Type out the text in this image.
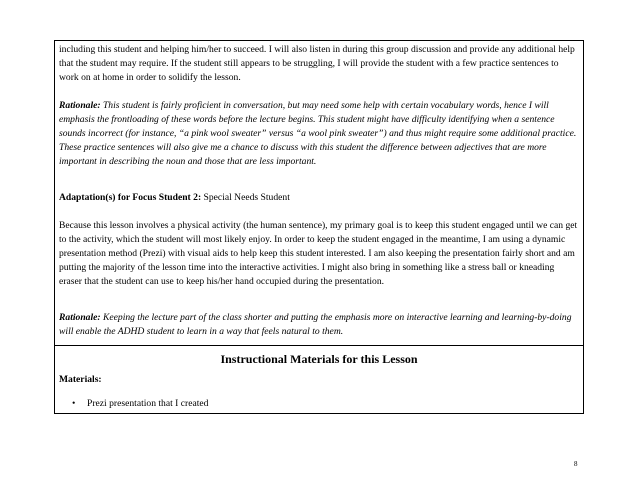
including this student and helping him/her to succeed. I will also listen in during this group discussion and provide any additional help that the student may require. If the student still appears to be struggling, I will provide the student with a few practice sentences to work on at home in order to solidify the lesson.

Rationale: This student is fairly proficient in conversation, but may need some help with certain vocabulary words, hence I will emphasis the frontloading of these words before the lecture begins. This student might have difficulty identifying when a sentence sounds incorrect (for instance, “a pink wool sweater” versus “a wool pink sweater”) and thus might require some additional practice. These practice sentences will also give me a chance to discuss with this student the difference between adjectives that are more important in describing the noun and those that are less important.

Adaptation(s) for Focus Student 2: Special Needs Student

Because this lesson involves a physical activity (the human sentence), my primary goal is to keep this student engaged until we can get to the activity, which the student will most likely enjoy. In order to keep the student engaged in the meantime, I am using a dynamic presentation method (Prezi) with visual aids to help keep this student interested. I am also keeping the presentation fairly short and am putting the majority of the lesson time into the interactive activities. I might also bring in something like a stress ball or kneading eraser that the student can use to keep his/her hand occupied during the presentation.

Rationale: Keeping the lecture part of the class shorter and putting the emphasis more on interactive learning and learning-by-doing will enable the ADHD student to learn in a way that feels natural to them.

Instructional Materials for this Lesson
Materials:
• Prezi presentation that I created
8
